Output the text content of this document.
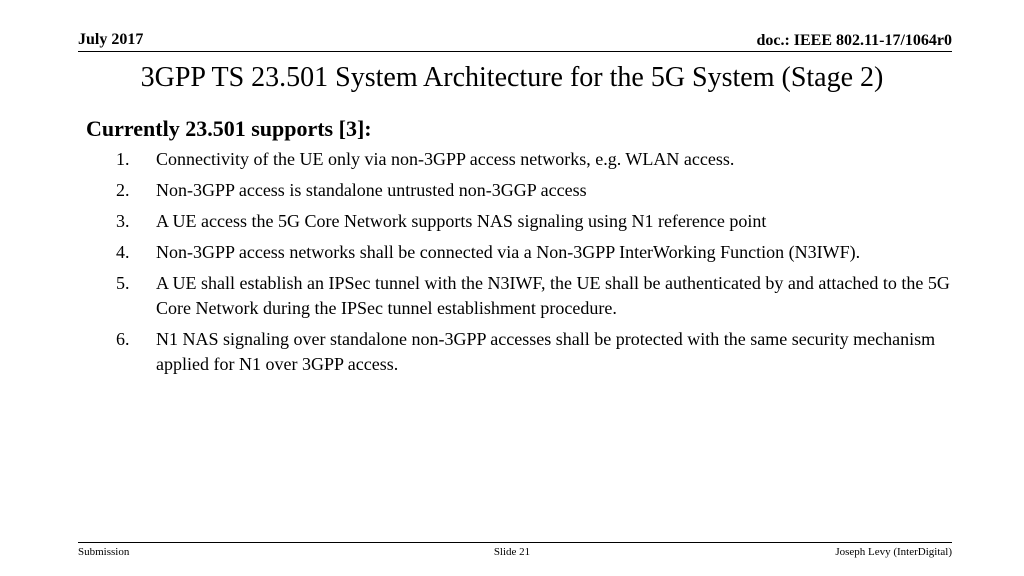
July 2017	doc.: IEEE 802.11-17/1064r0
3GPP TS 23.501 System Architecture for the 5G System (Stage 2)
Currently 23.501 supports [3]:
1.	Connectivity of the UE only via non-3GPP access networks, e.g. WLAN access.
2.	Non-3GPP access is standalone untrusted non-3GGP access
3.	A UE access the 5G Core Network supports NAS signaling using N1 reference point
4.	Non-3GPP access networks shall be connected via a Non-3GPP InterWorking Function (N3IWF).
5.	A UE shall establish an IPSec tunnel with the N3IWF, the UE shall be authenticated by and attached to the 5G Core Network during the IPSec tunnel establishment procedure.
6.	N1 NAS signaling over standalone non-3GPP accesses shall be protected with the same security mechanism applied for N1 over 3GPP access.
Submission	Slide 21	Joseph Levy (InterDigital)
